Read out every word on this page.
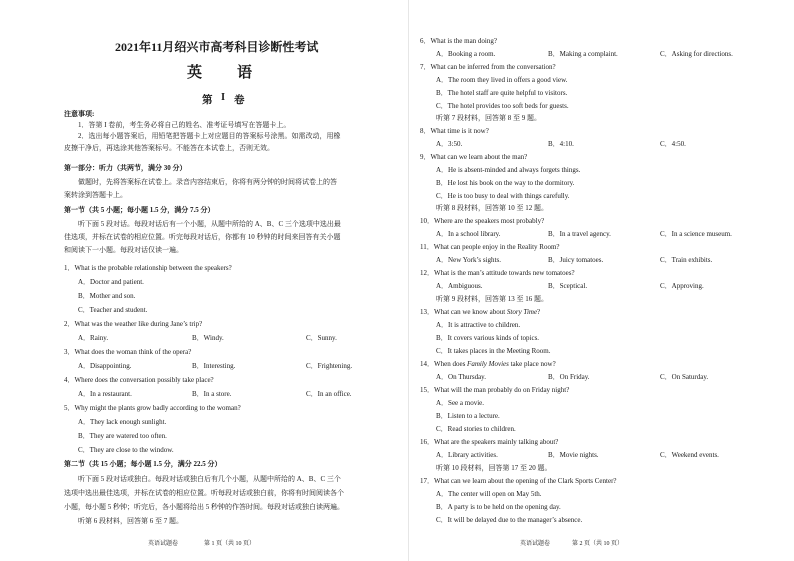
2021年11月绍兴市高考科目诊断性考试
英 语
第 I 卷
注意事项:
1．答第 I 卷前，考生务必将自己的姓名、准考证号填写在答题卡上。
2．选出每小题答案后，用铅笔把答题卡上对应题目的答案标号涂黑。如需改动，用橡
皮擦干净后，再选涂其他答案标号。不能答在本试卷上，否则无效。
第一部分：听力（共两节，满分 30 分）
做题时，先将答案标在试卷上。录音内容结束后，你将有两分钟的时间将试卷上的答
案转涂到答题卡上。
第一节（共 5 小题；每小题 1.5 分，满分 7.5 分）
听下面 5 段对话。每段对话后有一个小题，从题中所给的 A、B、C 三个选项中选出最
佳选项，并标在试卷的相应位置。听完每段对话后，你都有 10 秒钟的时间来回答有关小题
和阅读下一小题。每段对话仅读一遍。
1．What is the probable relationship between the speakers?
A．Doctor and patient.
B．Mother and son.
C．Teacher and student.
2．What was the weather like during Jane’s trip?
A．Rainy.	B．Windy.	C．Sunny.
3．What does the woman think of the opera?
A．Disappointing.	B．Interesting.	C．Frightening.
4．Where does the conversation possibly take place?
A．In a restaurant.	B．In a store.	C．In an office.
5．Why might the plants grow badly according to the woman?
A．They lack enough sunlight.
B．They are watered too often.
C．They are close to the window.
第二节（共 15 小题；每小题 1.5 分，满分 22.5 分）
听下面 5 段对话或独白。每段对话或独白后有几个小题，从题中所给的 A、B、C 三个
选项中选出最佳选项，并标在试卷的相应位置。听每段对话或独白前，你将有时间阅读各个
小题，每小题 5 秒钟；听完后，各小题将给出 5 秒钟的作答时间。每段对话或独白读两遍。
听第 6 段材料，回答第 6 至 7 题。
英语试题卷	第 1 页（共 10 页）
6．What is the man doing?
A．Booking a room.	B．Making a complaint.	C．Asking for directions.
7．What can be inferred from the conversation?
A．The room they lived in offers a good view.
B．The hotel staff are quite helpful to visitors.
C．The hotel provides too soft beds for guests.
听第 7 段材料，回答第 8 至 9 题。
8．What time is it now?
A．3:50.	B．4:10.	C．4:50.
9．What can we learn about the man?
A．He is absent-minded and always forgets things.
B．He lost his book on the way to the dormitory.
C．He is too busy to deal with things carefully.
听第 8 段材料，回答第 10 至 12 题。
10．Where are the speakers most probably?
A．In a school library.	B．In a travel agency.	C．In a science museum.
11．What can people enjoy in the Reality Room?
A．New York’s sights.	B．Juicy tomatoes.	C．Train exhibits.
12．What is the man’s attitude towards new tomatoes?
A．Ambiguous.	B．Sceptical.	C．Approving.
听第 9 段材料，回答第 13 至 16 题。
13．What can we know about Story Time?
A．It is attractive to children.
B．It covers various kinds of topics.
C．It takes places in the Meeting Room.
14．When does Family Movies take place now?
A．On Thursday.	B．On Friday.	C．On Saturday.
15．What will the man probably do on Friday night?
A．See a movie.
B．Listen to a lecture.
C．Read stories to children.
16．What are the speakers mainly talking about?
A．Library activities.	B．Movie nights.	C．Weekend events.
听第 10 段材料，回答第 17 至 20 题。
17．What can we learn about the opening of the Clark Sports Center?
A．The center will open on May 5th.
B．A party is to be held on the opening day.
C．It will be delayed due to the manager’s absence.
英语试题卷	第 2 页（共 10 页）
